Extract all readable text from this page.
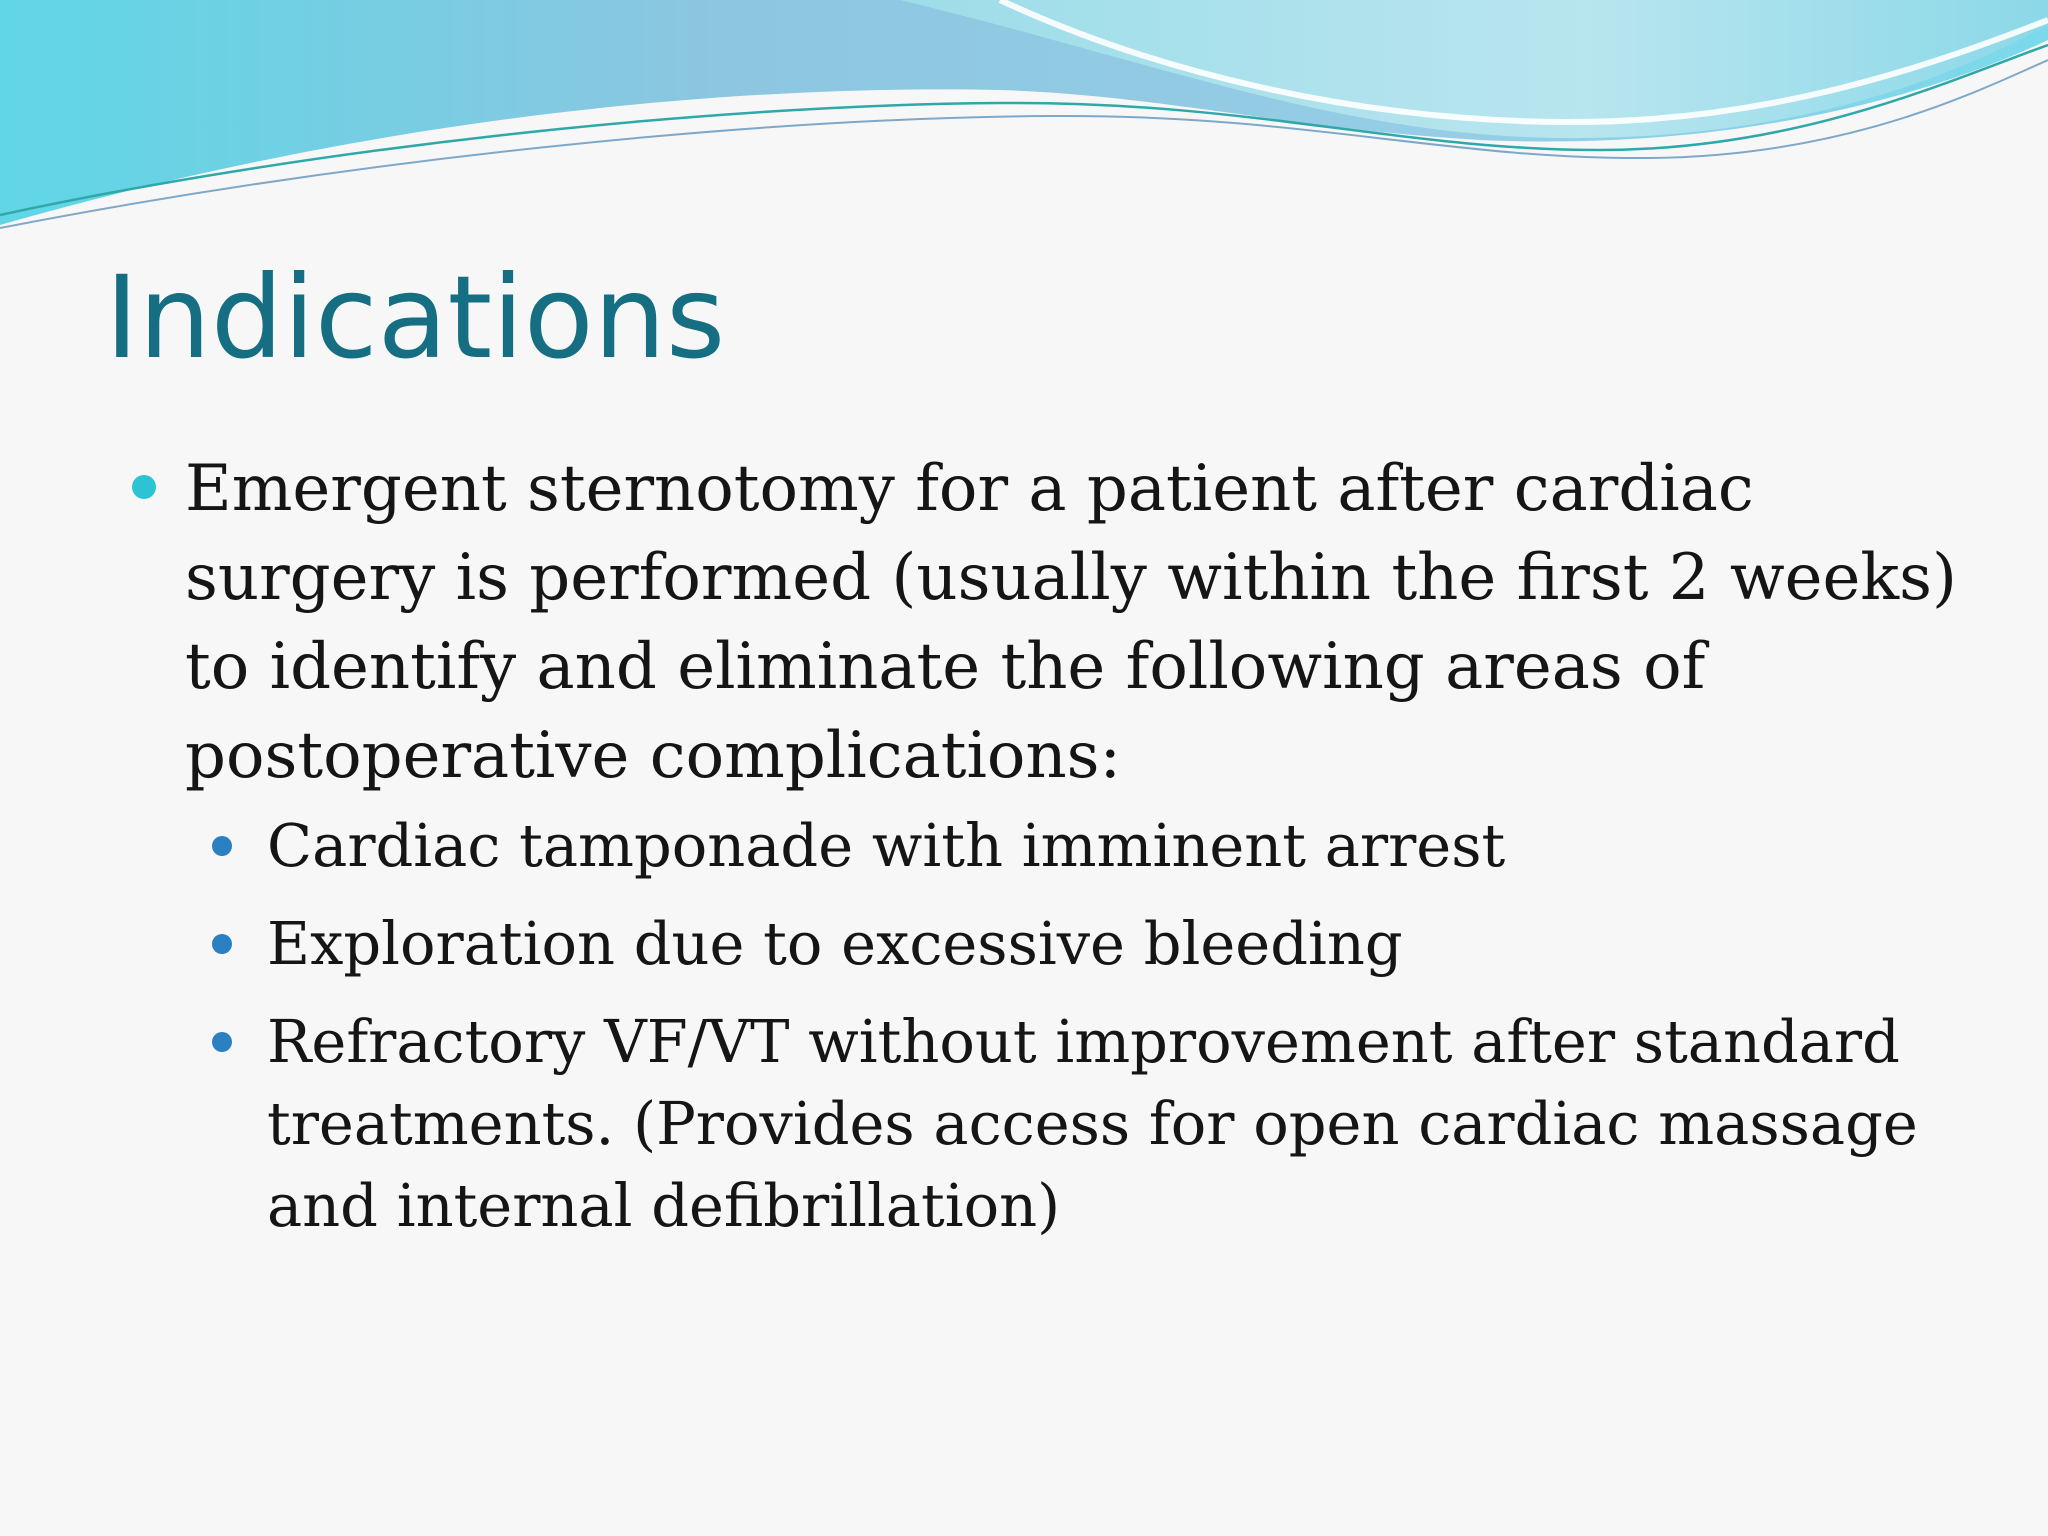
Indications
Emergent sternotomy for a patient after cardiac surgery is performed (usually within the first 2 weeks) to identify and eliminate the following areas of postoperative complications:
Cardiac tamponade with imminent arrest
Exploration due to excessive bleeding
Refractory VF/VT without improvement after standard treatments. (Provides access for open cardiac massage and internal defibrillation)
